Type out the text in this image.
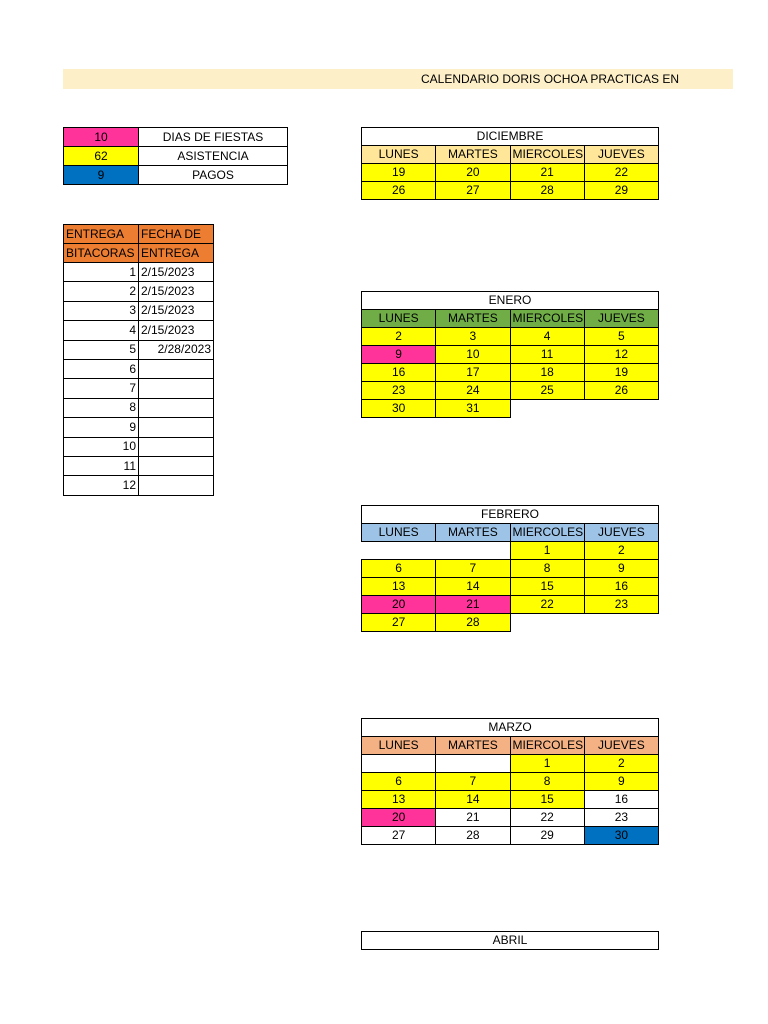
CALENDARIO DORIS OCHOA PRACTICAS EN
10	DIAS DE FIESTAS
62	ASISTENCIA
9	PAGOS
ENTREGA	FECHA DE
BITACORAS	ENTREGA
1	2/15/2023
2	2/15/2023
3	2/15/2023
4	2/15/2023
5	2/28/2023
6	
7	
8	
9	
10	
11	
12	
DICIEMBRE			
LUNES	MARTES	MIERCOLES	JUEVES
19	20	21	22
26	27	28	29
ENERO			
LUNES	MARTES	MIERCOLES	JUEVES
2	3	4	5
9	10	11	12
16	17	18	19
23	24	25	26
30	31		
FEBRERO			
LUNES	MARTES	MIERCOLES	JUEVES
		1	2
6	7	8	9
13	14	15	16
20	21	22	23
27	28		
MARZO			
LUNES	MARTES	MIERCOLES	JUEVES
		1	2
6	7	8	9
13	14	15	16
20	21	22	23
27	28	29	30
ABRIL
